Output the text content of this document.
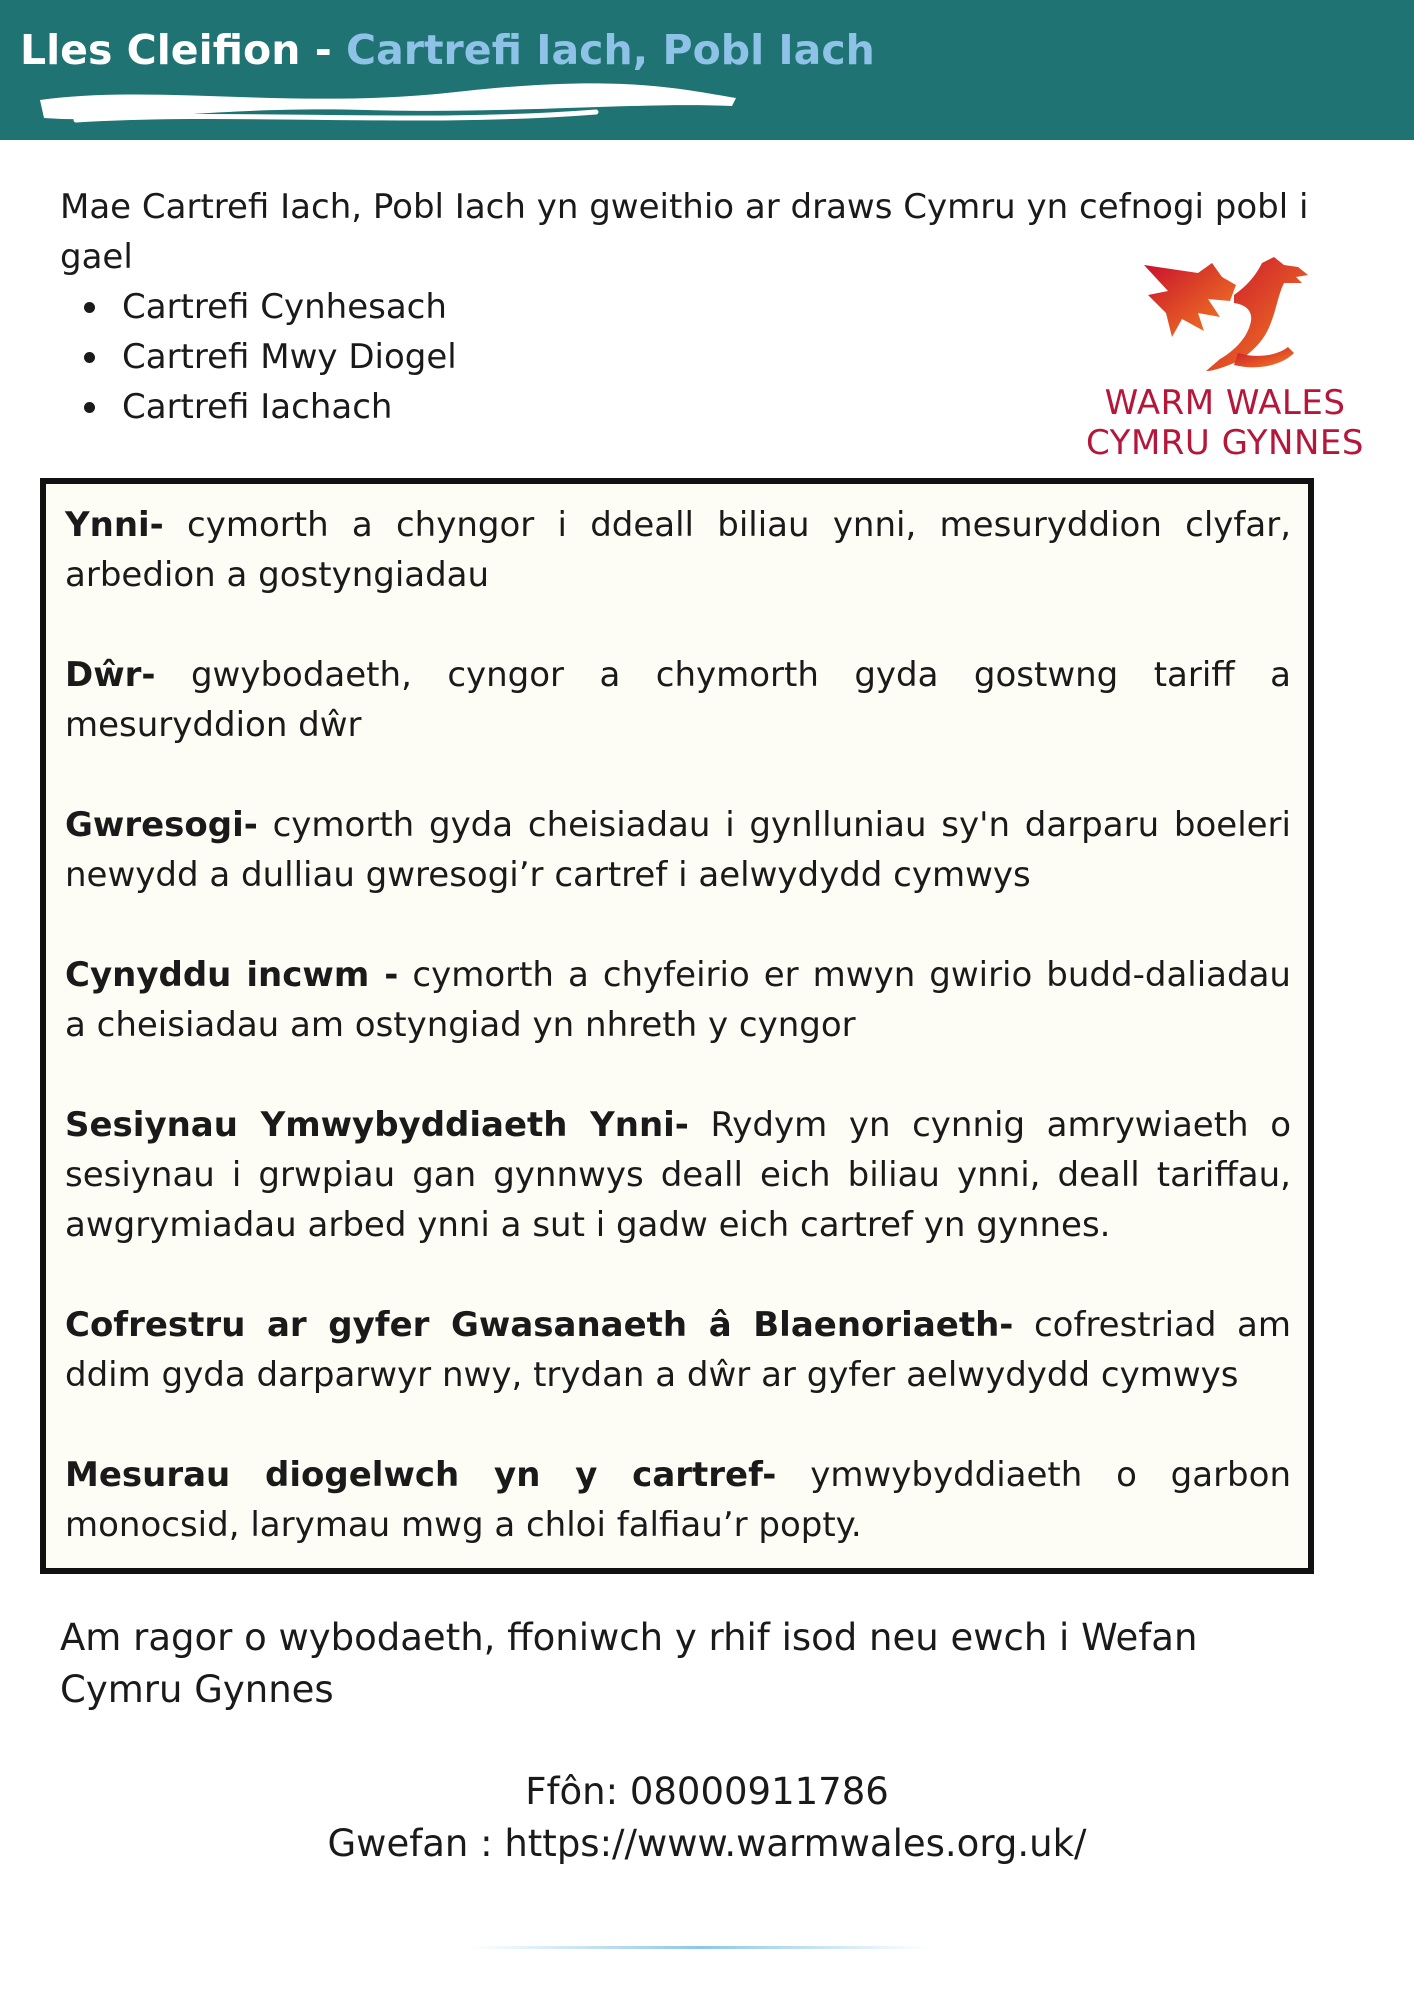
Lles Cleifion - Cartrefi Iach, Pobl Iach
Mae Cartrefi Iach, Pobl Iach yn gweithio ar draws Cymru yn cefnogi pobl i gael
Cartrefi Cynhesach
Cartrefi Mwy Diogel
Cartrefi Iachach	WARM WALES
CYMRU GYNNES

Ynni- cymorth a chyngor i ddeall biliau ynni, mesuryddion clyfar, arbedion a gostyngiadau

Dŵr- gwybodaeth, cyngor a chymorth gyda gostwng tariff a mesuryddion dŵr

Gwresogi- cymorth gyda cheisiadau i gynlluniau sy'n darparu boeleri newydd a dulliau gwresogi’r cartref i aelwydydd cymwys

Cynyddu incwm - cymorth a chyfeirio er mwyn gwirio budd-daliadau a cheisiadau am ostyngiad yn nhreth y cyngor

Sesiynau Ymwybyddiaeth Ynni- Rydym yn cynnig amrywiaeth o sesiynau i grwpiau gan gynnwys deall eich biliau ynni, deall tariffau, awgrymiadau arbed ynni a sut i gadw eich cartref yn gynnes.

Cofrestru ar gyfer Gwasanaeth â Blaenoriaeth- cofrestriad am ddim gyda darparwyr nwy, trydan a dŵr ar gyfer aelwydydd cymwys

Mesurau diogelwch yn y cartref- ymwybyddiaeth o garbon monocsid, larymau mwg a chloi falfiau’r popty.

Am ragor o wybodaeth, ffoniwch y rhif isod neu ewch i Wefan Cymru Gynnes
Ffôn: 08000911786
Gwefan : https://www.warmwales.org.uk/
